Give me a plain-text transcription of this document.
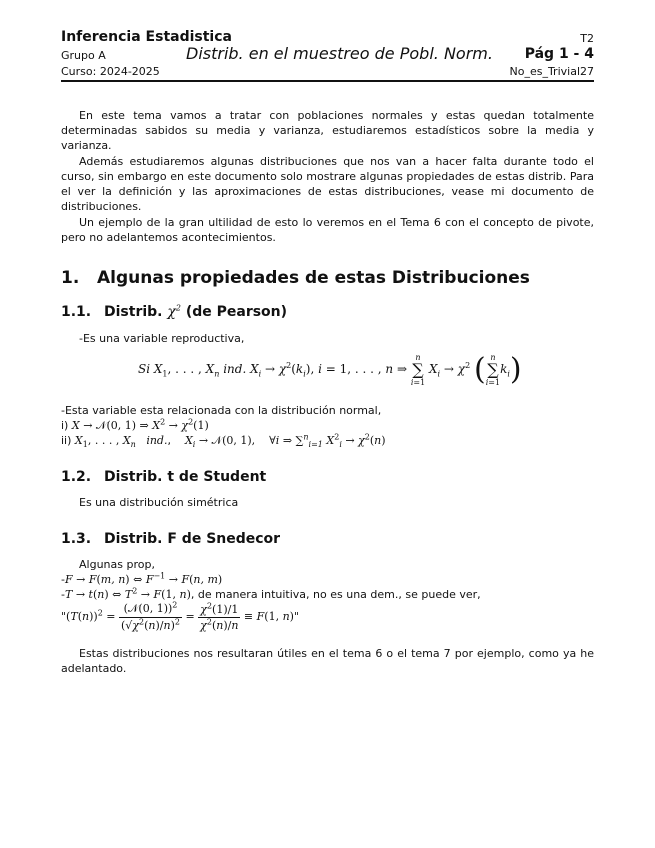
Inferencia Estadistica
Grupo A
Curso: 2024-2025
Distrib. en el muestreo de Pobl. Norm.
T2
Pág 1 - 4
No_es_Trivial27
En este tema vamos a tratar con poblaciones normales y estas quedan totalmente determinadas sabidos su media y varianza, estudiaremos estadísticos sobre la media y varianza.
Además estudiaremos algunas distribuciones que nos van a hacer falta durante todo el curso, sin embargo en este documento solo mostrare algunas propiedades de estas distrib. Para el ver la definición y las aproximaciones de estas distribuciones, vease mi documento de distribuciones.
Un ejemplo de la gran ultilidad de esto lo veremos en el Tema 6 con el concepto de pivote, pero no adelantemos acontecimientos.
1. Algunas propiedades de estas Distribuciones
1.1. Distrib. $\chi^2$ (de Pearson)
-Es una variable reproductiva,
Si $X_1$, . . . , $X_n$ ind. $X_i \to \chi^2(k_i)$, i = 1, . . . , n ⇒ n
∑
i=1 $X_i \to \chi^2$ ( n
∑
$i=1k_i$)
-Esta variable esta relacionada con la distribución normal,
i) X → 𝒩(0, 1) ⇒ $X^2 \to \chi^2(1)$
ii) $X_1$, . . . , $X_n$ ind.,    $X_i$ → 𝒩(0, 1),    ∀i ⇒ ∑$^n_{i=1}$ $X^2_i \to \chi^2(n)$
1.2. Distrib. t de Student
Es una distribución simétrica
1.3. Distrib. F de Snedecor
Algunas prop,
-F → F(m, n) ⇔ $F^{-1} \to F(n$, m)
-T → t(n) ⇔ $T^2 \to F(1$, n), de manera intuitiva, no es una dem., se puede ver,
"$(T(n))^2 = \frac{(𝒩(0, 1))^2}{(√\chi^2(n)/n)^2} = \frac{\chi^2(1)/1}{\chi^2(n)/n} \equiv F(1$, n)"
Estas distribuciones nos resultaran útiles en el tema 6 o el tema 7 por ejemplo, como ya he adelantado.
